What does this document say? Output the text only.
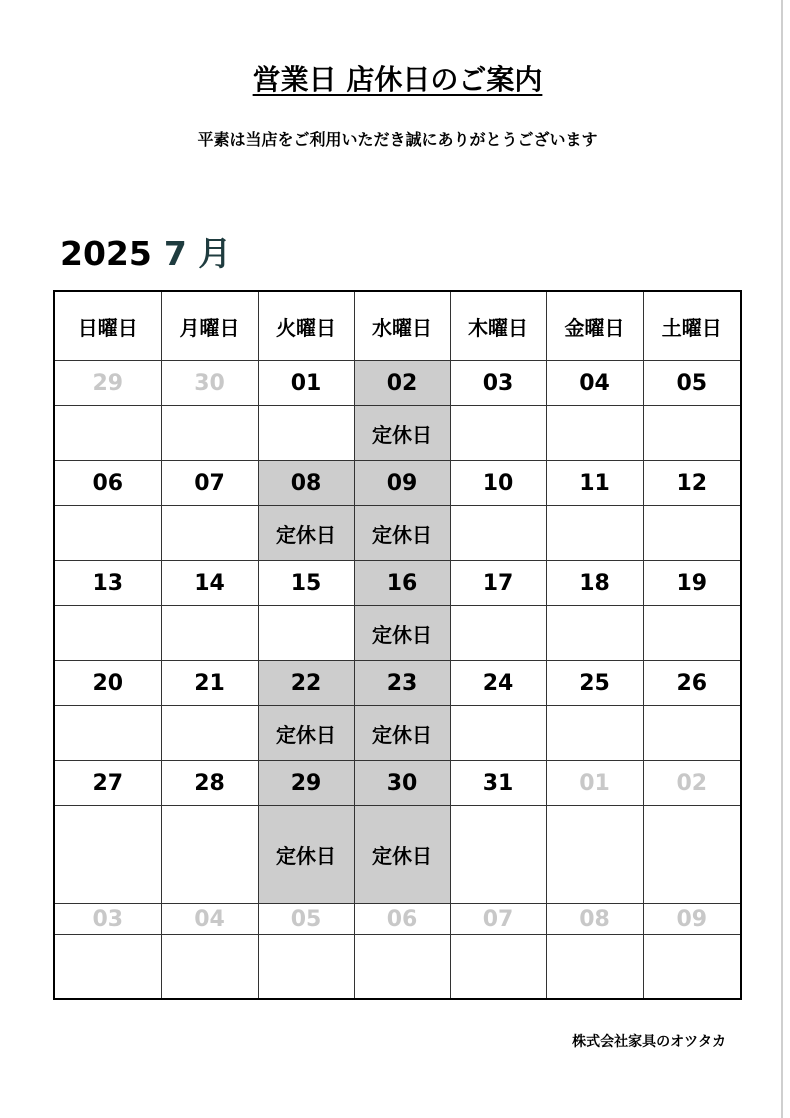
営業日 店休日のご案内
平素は当店をご利用いただき誠にありがとうございます
2025 7 月
日曜日	月曜日	火曜日	水曜日	木曜日	金曜日	土曜日
29	30	01	02	03	04	05
			定休日			
06	07	08	09	10	11	12
		定休日	定休日			
13	14	15	16	17	18	19
			定休日			
20	21	22	23	24	25	26
		定休日	定休日			
27	28	29	30	31	01	02
		定休日	定休日			
03	04	05	06	07	08	09

株式会社家具のオツタカ
